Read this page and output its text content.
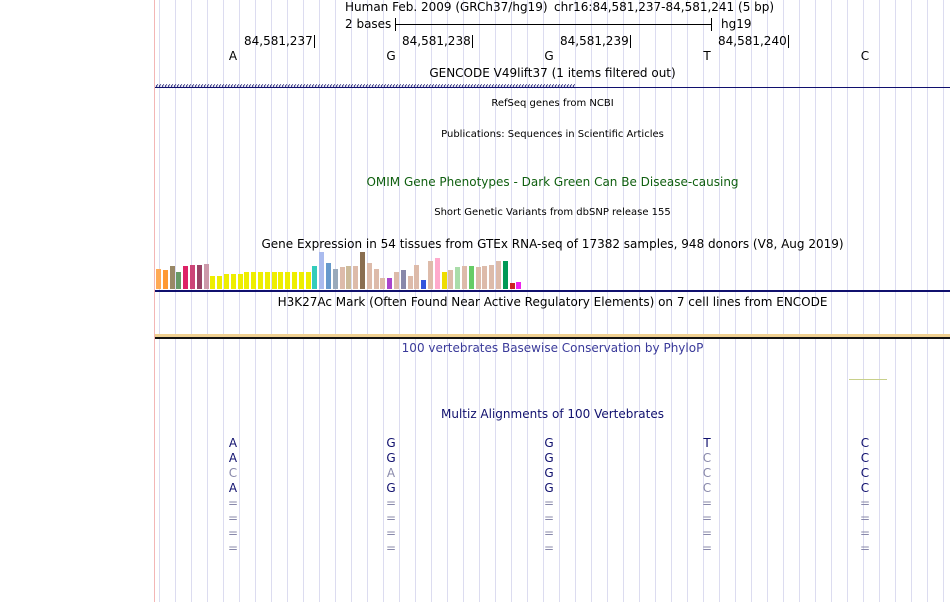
Human Feb. 2009 (GRCh37/hg19) chr16:84,581,237-84,581,241 (5 bp)
2 bases	hg19
84,581,237	84,581,238	84,581,239	84,581,240
A	G	G	T	C
GENCODE V49lift37 (1 items filtered out)
‹‹‹‹‹‹‹‹‹‹‹‹‹‹‹‹‹‹‹‹‹‹‹‹‹‹‹‹‹‹‹‹‹‹‹‹‹‹‹‹‹‹‹‹‹‹‹‹‹‹‹‹‹‹‹‹‹‹‹‹‹‹‹‹‹‹‹‹‹‹‹‹‹‹‹‹‹‹‹‹‹‹‹‹‹‹‹‹‹‹‹‹‹‹‹‹‹‹‹‹‹‹‹‹‹‹‹‹‹‹‹‹‹‹‹‹‹‹‹‹‹‹‹‹‹‹‹‹‹‹‹‹‹‹‹‹‹‹‹‹
RefSeq genes from NCBI
Publications: Sequences in Scientific Articles
OMIM Gene Phenotypes - Dark Green Can Be Disease-causing
Short Genetic Variants from dbSNP release 155
Gene Expression in 54 tissues from GTEx RNA-seq of 17382 samples, 948 donors (V8, Aug 2019)
H3K27Ac Mark (Often Found Near Active Regulatory Elements) on 7 cell lines from ENCODE
100 vertebrates Basewise Conservation by PhyloP
Multiz Alignments of 100 Vertebrates
A	G	G	T	C
A	G	G	C	C
C	A	G	C	C
A	G	G	C	C
=	=	=	=	=
=	=	=	=	=
=	=	=	=	=
=	=	=	=	=
